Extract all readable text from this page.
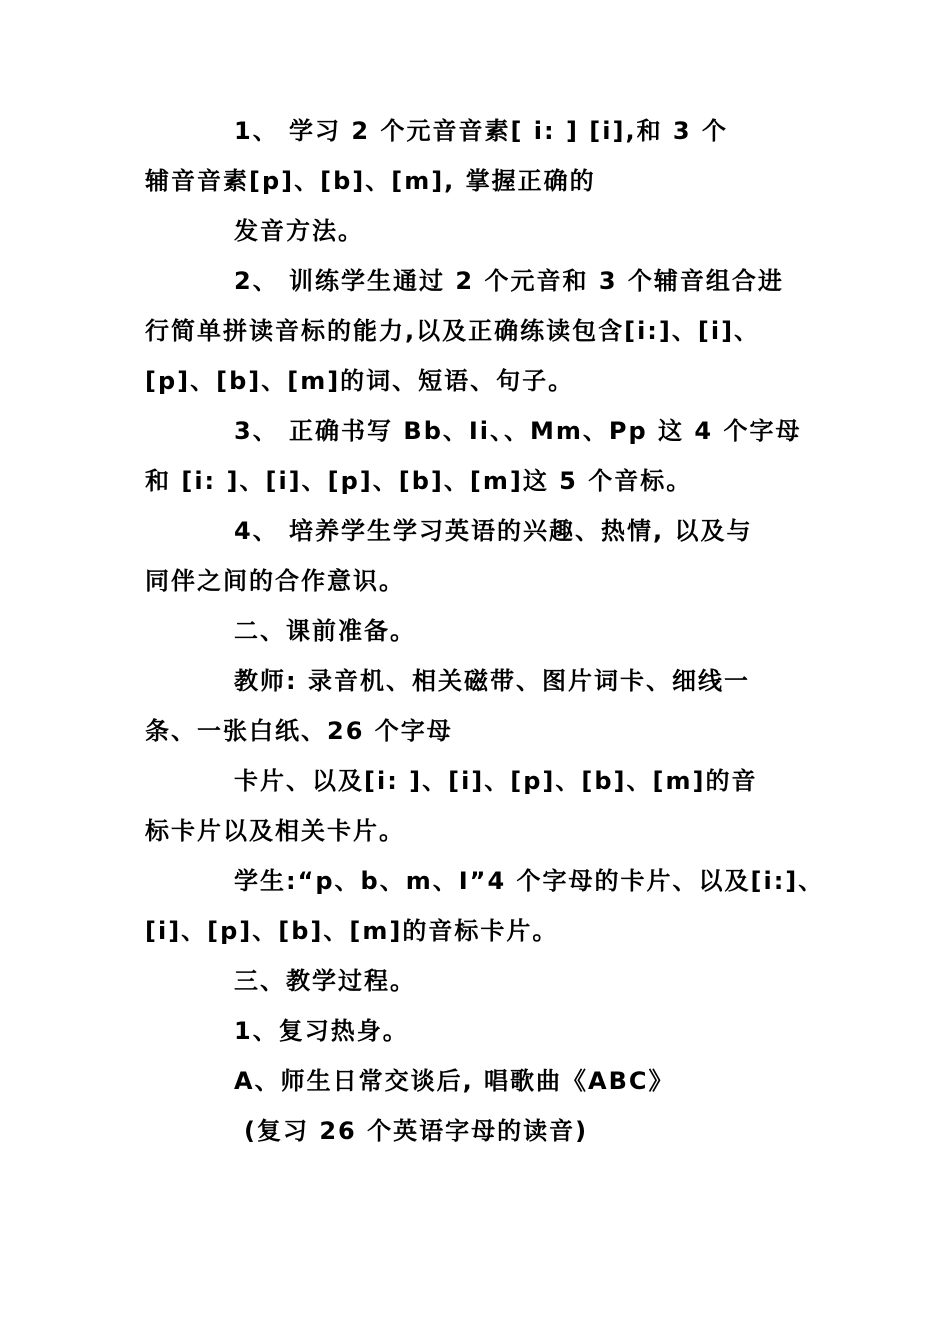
1、 学习 2 个元音音素[ i: ] [i],和 3 个
辅音音素[p]、[b]、[m], 掌握正确的
发音方法。
2、 训练学生通过 2 个元音和 3 个辅音组合进
行简单拼读音标的能力,以及正确练读包含[i:]、[i]、
[p]、[b]、[m]的词、短语、句子。
3、 正确书写 Bb、Ii、、Mm、Pp 这 4 个字母
和 [i: ]、[i]、[p]、[b]、[m]这 5 个音标。
4、 培养学生学习英语的兴趣、热情, 以及与
同伴之间的合作意识。
二、课前准备。
教师: 录音机、相关磁带、图片词卡、细线一
条、一张白纸、26 个字母
卡片、以及[i: ]、[i]、[p]、[b]、[m]的音
标卡片以及相关卡片。
学生:“p、b、m、I”4 个字母的卡片、以及[i:]、
[i]、[p]、[b]、[m]的音标卡片。
三、教学过程。
1、复习热身。
A、师生日常交谈后, 唱歌曲《ABC》
(复习 26 个英语字母的读音)
